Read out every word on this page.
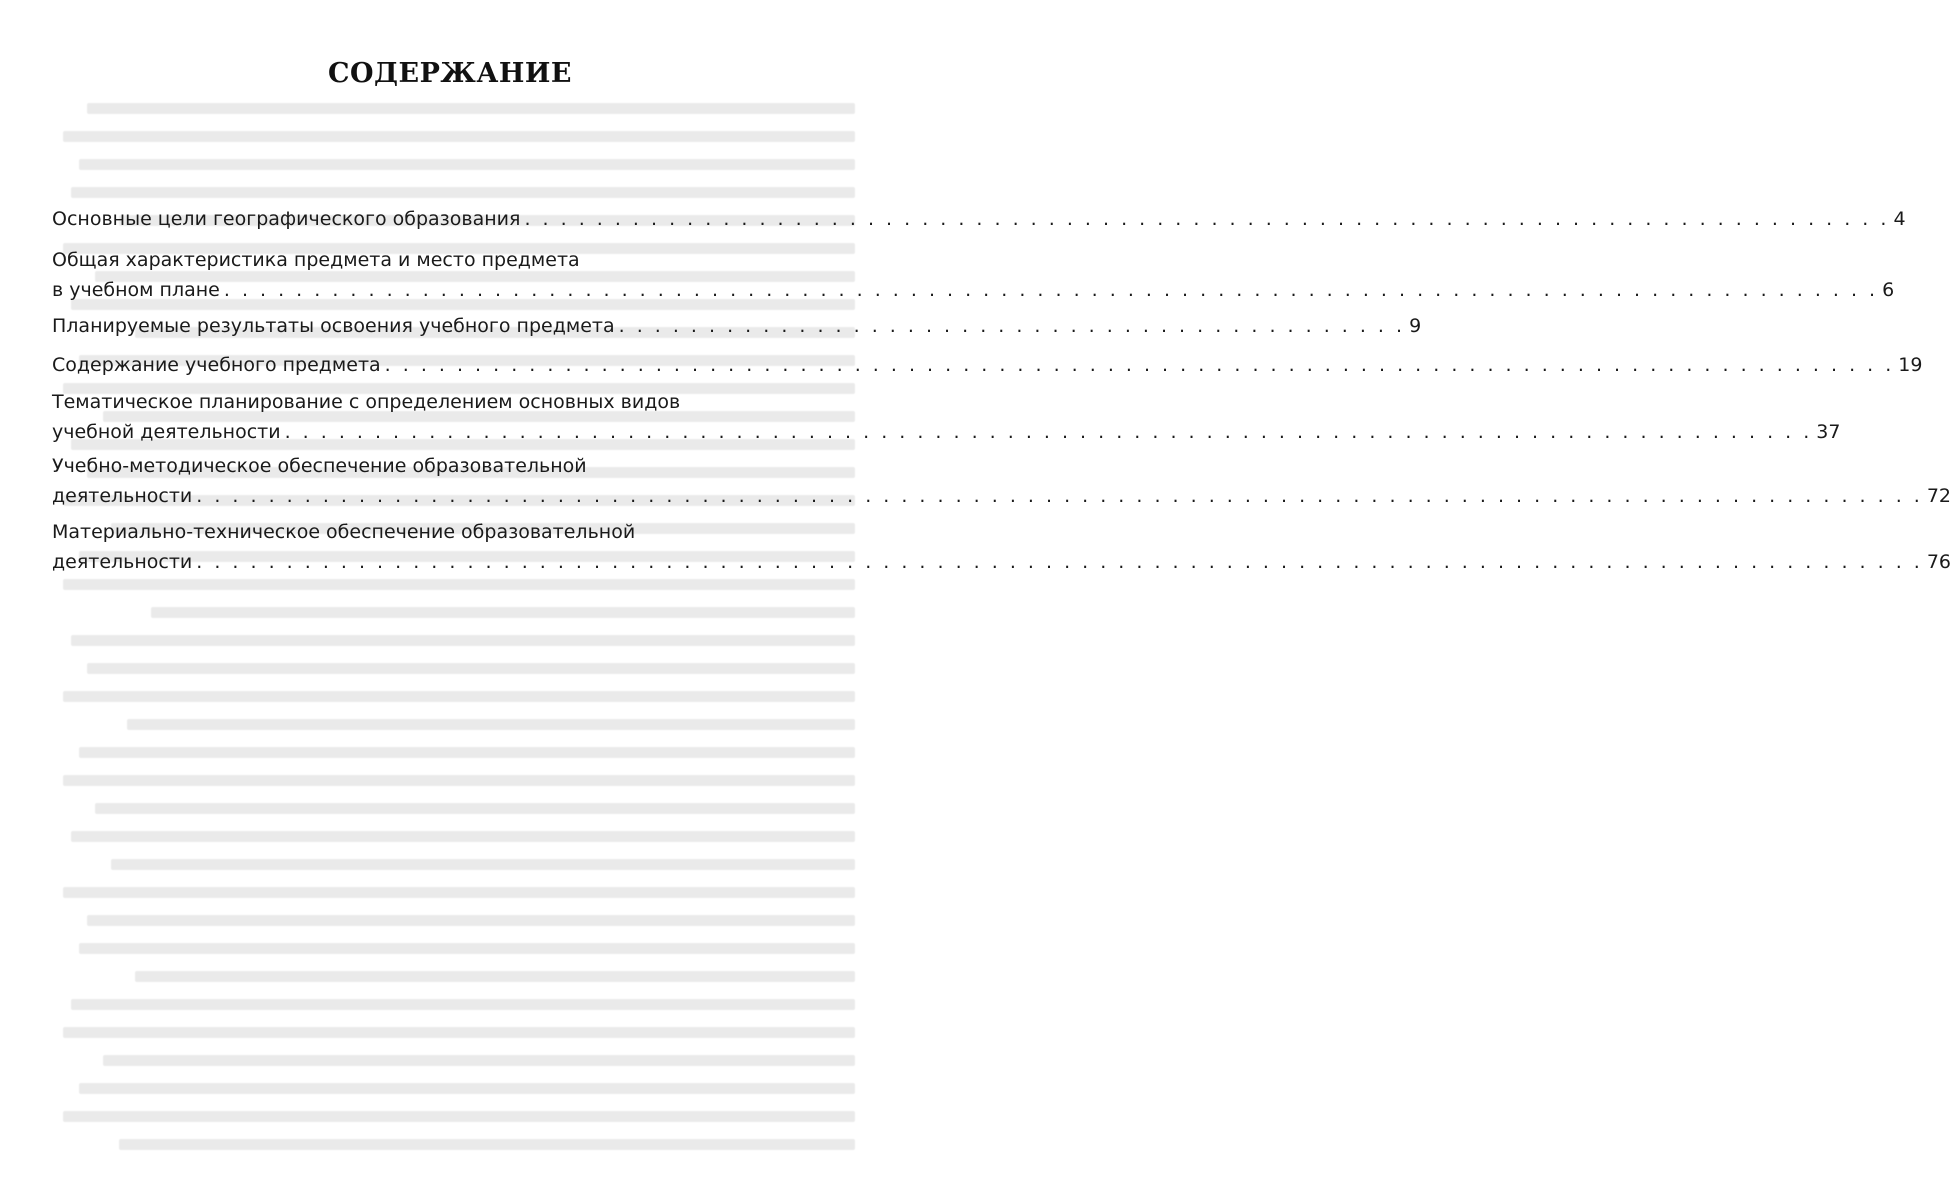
СОДЕРЖАНИЕ
Основные цели географического образования . . . . . . . . . . . . . . . . . . . . . . . . . . . . . . . . . . . . . . . . . . . . . . . . . . . . . . . . . . . . . . . . . . . . . . . . . . . . 4
Общая характеристика предмета и место предмета
в учебном плане . . . . . . . . . . . . . . . . . . . . . . . . . . . . . . . . . . . . . . . . . . . . . . . . . . . . . . . . . . . . . . . . . . . . . . . . . . . . . . . . . . . . . . . . . . . . 6
Планируемые результаты освоения учебного предмета . . . . . . . . . . . . . . . . . . . . . . . . . . . . . . . . . . . . . . . . . . . . 9
Содержание учебного предмета . . . . . . . . . . . . . . . . . . . . . . . . . . . . . . . . . . . . . . . . . . . . . . . . . . . . . . . . . . . . . . . . . . . . . . . . . . . . . . . . . . . . 19
Тематическое планирование с определением основных видов
учебной деятельности . . . . . . . . . . . . . . . . . . . . . . . . . . . . . . . . . . . . . . . . . . . . . . . . . . . . . . . . . . . . . . . . . . . . . . . . . . . . . . . . . . . . . 37
Учебно-методическое обеспечение образовательной
деятельности . . . . . . . . . . . . . . . . . . . . . . . . . . . . . . . . . . . . . . . . . . . . . . . . . . . . . . . . . . . . . . . . . . . . . . . . . . . . . . . . . . . . . . . . . . . . . . . . 72
Материально-техническое обеспечение образовательной
деятельности . . . . . . . . . . . . . . . . . . . . . . . . . . . . . . . . . . . . . . . . . . . . . . . . . . . . . . . . . . . . . . . . . . . . . . . . . . . . . . . . . . . . . . . . . . . . . . . . 76
